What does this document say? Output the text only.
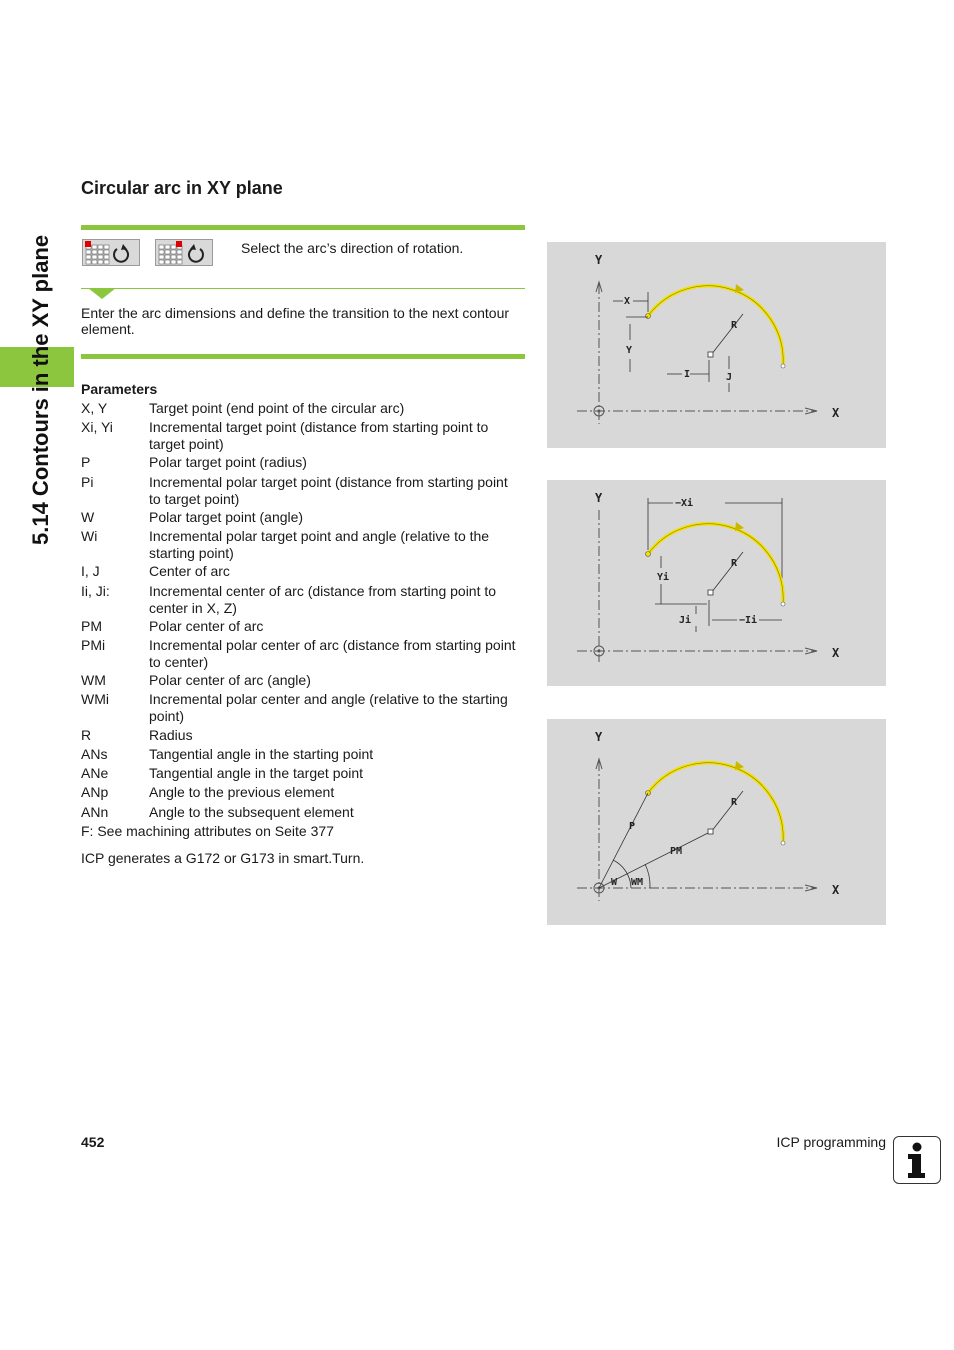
5.14 Contours in the XY plane
Circular arc in XY plane
Select the arc’s direction of rotation.
Enter the arc dimensions and define the transition to the next contour element.
Parameters
X, Y	Target point (end point of the circular arc)
Xi, Yi	Incremental target point (distance from starting point to target point)
P	Polar target point (radius)
Pi	Incremental polar target point (distance from starting point to target point)
W	Polar target point (angle)
Wi	Incremental polar target point and angle (relative to the starting point)
I, J	Center of arc
Ii, Ji:	Incremental center of arc (distance from starting point to center in X, Z)
PM	Polar center of arc
PMi	Incremental polar center of arc (distance from starting point to center)
WM	Polar center of arc (angle)
WMi	Incremental polar center and angle (relative to the starting point)
R	Radius
ANs	Tangential angle in the starting point
ANe	Tangential angle in the target point
ANp	Angle to the previous element
ANn	Angle to the subsequent element
F: See machining attributes on Seite 377
ICP generates a G172 or G173 in smart.Turn.
Y
X
X
Y
R
I	J
Y
X
−Xi
R
Yi
Ji	−Ii
Y
X
P
R
PM
W WM
452	ICP programming
